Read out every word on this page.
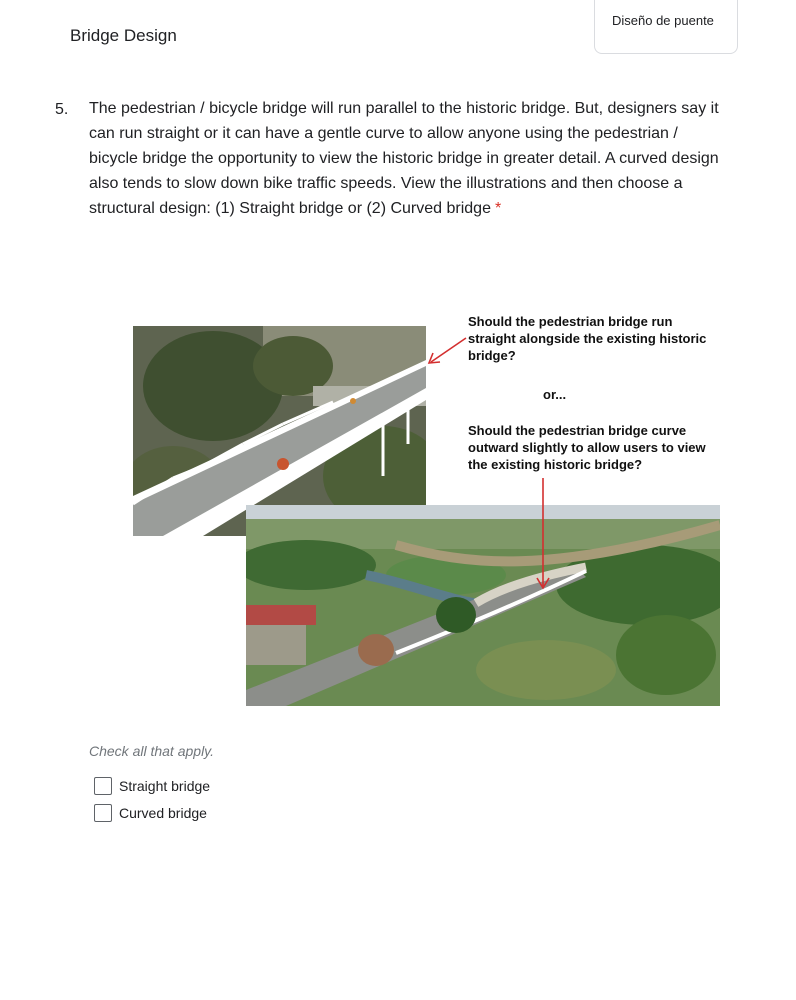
Bridge Design
Diseño de puente
5. The pedestrian / bicycle bridge will run parallel to the historic bridge. But, designers say it can run straight or it can have a gentle curve to allow anyone using the pedestrian / bicycle bridge the opportunity to view the historic bridge in greater detail. A curved design also tends to slow down bike traffic speeds. View the illustrations and then choose a structural design: (1) Straight bridge or (2) Curved bridge *
Should the pedestrian bridge run straight alongside the existing historic bridge?
or...
Should the pedestrian bridge curve outward slightly to allow users to view the existing historic bridge?
Check all that apply.
Straight bridge
Curved bridge
